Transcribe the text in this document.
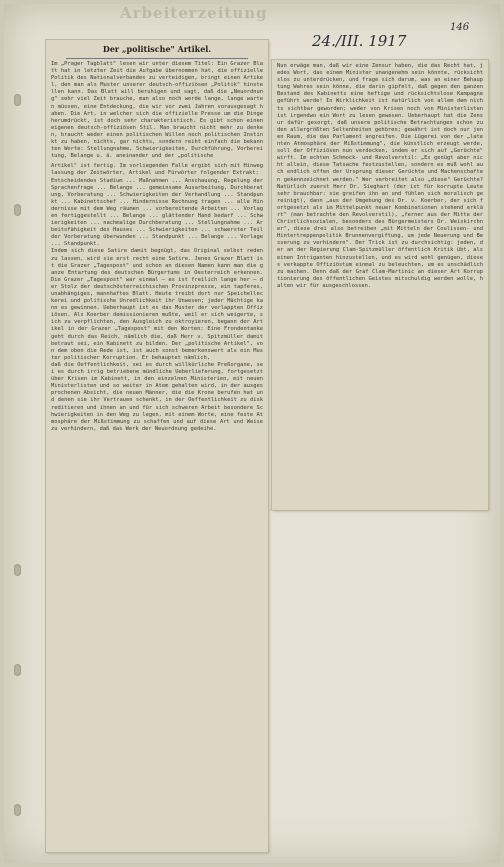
Arbeiterzeitung
146
24./III. 1917
Der „politische" Artikel.
Im „Prager Tagblatt" lesen wir unter diesem Titel: Ein Grazer Blatt hat in letzter Zeit die Aufgabe übernommen hat, die offizielle Politik des Nationalverbandes zu verteidigen, bringt einen Artikel, den man als Muster unserer deutsch-offiziösen „Politik" hinstellen kann. Das Blatt will beruhigen und sagt, daß die „Neuordnung" sehr viel Zeit brauche, man also noch werde lange, lange warten müssen, eine Entdeckung, die wir vor zwei Jahren vorausgesagt haben. Die Art, in welcher sich die offizielle Presse um die Dinge herumdrückt, ist doch sehr charakteristisch. Es gibt schon einen eigenen deutsch-offiziösen Stil. Man braucht nicht mehr zu denken, braucht weder einen politischen Willen noch politischen Instinkt zu haben, nichts, gar nichts, sondern reiht einfach die bekannten Worte: Stellungnahme, Schwierigkeiten, Durchführung, Vorbereitung, Belange u. ä. aneinander und der „politische
Artikel" ist fertig. Im vorliegenden Falle ergibt sich mit Hinweglassung der Zeitwörter, Artikel und Fürwörter folgender Extrakt:
Entscheidendes Stadium ... Maßnahmen ... Anschauung, Regelung der Sprachenfrage ... Belange ... gemeinsame Ausarbeitung, Durchberatung, Vorberatung ... Schwierigkeiten der Verhandlung ... Standpunkt ... Kabinettschef ... Hindernisse Rechnung tragen ... alle Hindernisse mit dem Weg räumen ... vorbereitende Arbeiten ... Vorlagen fertiggestellt ... Belange ... glättender Hand bedarf ... Schwierigkeiten ... nachmalige Durchberatung ... Stellungnahme ... Arbeitsfähigkeit des Hauses ... Schwierigkeiten ... schwerster Teil der Vorberatung überwunden ... Standpunkt ... Belange ... Vorlage ... Standpunkt.
Indem sich diese Satire damit begnügt, das Original selbst reden zu lassen, wird sie erst recht eine Satire. Jenes Grazer Blatt ist die Grazer „Tagespost" und schon an diesen Namen kann man die ganze Entartung des deutschen Bürgertums in Oesterreich erkennen. Die Grazer „Tagespost" war einmal — es ist freilich lange her — der Stolz der deutschösterreichischen Provinzpresse, ein tapferes, unabhängiges, mannhaftes Blatt. Heute treibt dort nur Speichelleckerei und politische Unredlichkeit ihr Unwesen; jeder Mächtige kann es gewinnen. Ueberhaupt ist es das Muster der verlappten Offiziösen. Als Koerber demissionieren mußte, weil er sich weigerte, sich zu verpflichten, den Ausgleich zu oktroyieren, begann der Artikel in der Grazer „Tagespost" mit den Worten: Eine Frondentanke geht durch das Reich, nämlich die, daß Herr v. Spitzmüller damit betraut sei, ein Kabinett zu bilden. Der „politische Artikel", von dem oben die Rede ist, ist auch sonst bemerkenswert als ein Muster politischer Korruption. Er behauptet nämlich,
daß die Oeffentlichkeit, sei es durch willkürliche Preßorgane, sei es durch irrig betriebene mündliche Ueberlieferung, fortgesetzt über Krisen im Kabinett, in den einzelnen Ministerien, mit neuen Ministerlisten und so weiter in Atem gehalten wird, in der ausgesprochenen Absicht, die neuen Männer, die die Krone berufen hat und denen sie ihr Vertrauen schenkt, in der Oeffentlichkeit zu diskreditieren und ihnen an und für sich schweren Arbeit besondere Schwierigkeiten in den Weg zu legen, mit einem Worte, eine feste Atmosphäre der Mißstimmung zu schaffen und auf diese Art und Weise zu verhindern, daß das Werk der Neuordnung gedeihe.
Nun erwäge man, daß wir eine Zensur haben, die das Recht hat, jedes Wort, das einem Minister unangenehm sein könnte, rücksichtslos zu unterdrücken, und frage sich darum, was an einer Behauptung Wahres sein könne, die darin gipfelt, daß gegen den ganzen Bestand des Kabinetts eine heftige und rücksichtslose Kampagne geführt werde! In Wirklichkeit ist natürlich von allem dem nichts sichtbar geworden; weder von Krisen noch von Ministerlisten ist irgendwo ein Wort zu lesen gewesen. Ueberhaupt hat die Zensur dafür gesorgt, daß unsere politische Betrachtungen schon zu den allergrößten Seltenheiten gehören; gewährt ist doch nur jenen Raum, die das Parlament angreifen. Die Lügerei von der „latenten Atmosphäre der Mißstimmung", die künstlich erzeugt werde, soll der Offiziösen nun verdecken, indem er sich auf „Gerüchte" wirft. Im echten Schmock- und Revolverstil: „Es genügt aber nicht allein, diese Tatsache festzustellen, sondern es muß wohl auch endlich offen der Ursprung dieser Gerüchte und Machenschaften gekennzeichnet werden." Wer verbreitet also „diese" Gerüchte? Natürlich zuerst Herr Dr. Sieghart (der ist für korrupte Leute sehr brauchbar: sie greifen ihn an und fühlen sich moralisch gereinigt), dann „aus der Umgebung des Dr. v. Koerber, der sich fortgesetzt als im Mittelpunkt neuer Kombinationen stehend erklärt" (man betrachte den Revolverstil), „ferner aus der Mitte der Christlichsozialen, besonders des Bürgermeisters Dr. Weiskirchner", diese drei also betreiben „mit Mitteln der Coulissen- und Hintertreppenpolitik Brunnenvergiftung, um jede Neuerung und Besserung zu verhindern". Der Trick ist zu durchsichtig: jeden, der an der Regierung Clam-Spitzmüller öffentlich Kritik übt, als einen Intriganten hinzustellen, und es wird wohl genügen, dieses verkappte Offiziöstum einmal zu beleuchten, um es unschädlich zu machen. Denn daß der Graf Clam-Martinic an dieser Art Korruptionierung des öffentlichen Geistes mitschuldig werden wolle, halten wir für ausgeschlossen.
